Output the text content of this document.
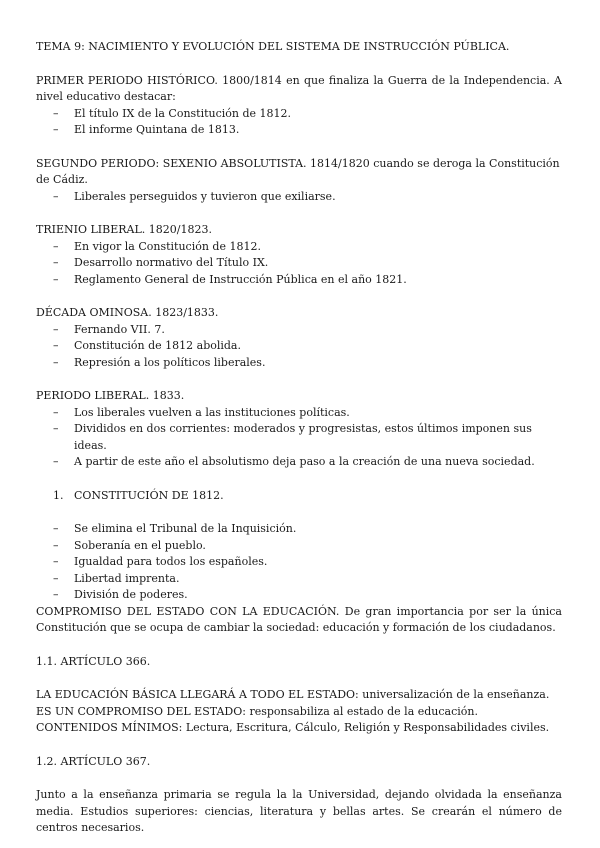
TEMA 9: NACIMIENTO Y EVOLUCIÓN DEL SISTEMA DE INSTRUCCIÓN PÚBLICA.

PRIMER PERIODO HISTÓRICO. 1800/1814 en que finaliza la Guerra de la Independencia. A nivel educativo destacar:

– El título IX de la Constitución de 1812.
– El informe Quintana de 1813.

SEGUNDO PERIODO: SEXENIO ABSOLUTISTA. 1814/1820 cuando se deroga la Constitución de Cádiz.

– Liberales perseguidos y tuvieron que exiliarse.

TRIENIO LIBERAL. 1820/1823.

– En vigor la Constitución de 1812.
– Desarrollo normativo del Título IX.
– Reglamento General de Instrucción Pública en el año 1821.

DÉCADA OMINOSA. 1823/1833.

– Fernando VII. 7.
– Constitución de 1812 abolida.
– Represión a los políticos liberales.

PERIODO LIBERAL. 1833.

– Los liberales vuelven a las instituciones políticas.
– Divididos en dos corrientes: moderados y progresistas, estos últimos imponen sus ideas.
– A partir de este año el absolutismo deja paso a la creación de una nueva sociedad.

1. CONSTITUCIÓN DE 1812.

– Se elimina el Tribunal de la Inquisición.
– Soberanía en el pueblo.
– Igualdad para todos los españoles.
– Libertad imprenta.
– División de poderes.

COMPROMISO DEL ESTADO CON LA EDUCACIÓN. De gran importancia por ser la única Constitución que se ocupa de cambiar la sociedad: educación y formación de los ciudadanos.

1.1. ARTÍCULO 366.

LA EDUCACIÓN BÁSICA LLEGARÁ A TODO EL ESTADO: universalización de la enseñanza.

ES UN COMPROMISO DEL ESTADO: responsabiliza al estado de la educación.

CONTENIDOS MÍNIMOS: Lectura, Escritura, Cálculo, Religión y Responsabilidades civiles.

1.2. ARTÍCULO 367.

Junto a la enseñanza primaria se regula la la Universidad, dejando olvidada la enseñanza media. Estudios superiores: ciencias, literatura y bellas artes. Se crearán el número de centros necesarios.
